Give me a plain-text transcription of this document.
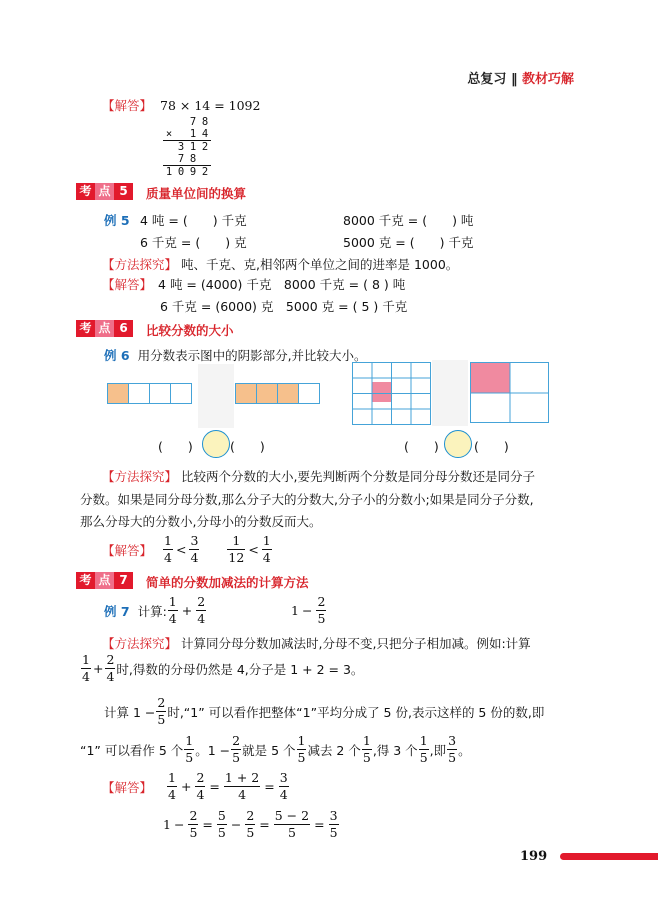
总复习 ‖ 教材巧解
【解答】 78 × 14 = 1092
		7	8
×		1	4
	3	1	2
	7	8	
1	0	9	2
考 点 5	质量单位间的换算
例 5 4 吨 = (　　) 千克	8000 千克 = (　　) 吨
6 千克 = (　　) 克	5000 克 = (　　) 千克
【方法探究】 吨、千克、克,相邻两个单位之间的进率是 1000。
【解答】 4 吨 = (4000) 千克　8000 千克 = ( 8 ) 吨
6 千克 = (6000) 克　5000 克 = ( 5 ) 千克
考 点 6	比较分数的大小
例 6 用分数表示图中的阴影部分,并比较大小。
(　　)	(　　)	(　　)	(　　)
【方法探究】 比较两个分数的大小,要先判断两个分数是同分母分数还是同分子
分数。如果是同分母分数,那么分子大的分数大,分子小的分数小;如果是同分子分数,
那么分母大的分数小,分母小的分数反而大。
【解答】 $\frac{1}{4} < \frac{3}{4} \frac{1}{12} < \frac{1}{4}$
考 点 7	简单的分数加减法的计算方法
例 7 计算: $\frac{1}{4} + \frac{2}{4}$	$1 - \frac{2}{5}$
【方法探究】 计算同分母分数加减法时,分母不变,只把分子相加减。例如:计算
$\frac{1}{4} + \frac{2}{4}$ 时,得数的分母仍然是 4,分子是 1 + 2 = 3。
计算 $1 - \frac{2}{5}$ 时,“1” 可以看作把整体“1”平均分成了 5 份,表示这样的 5 份的数,即
“1” 可以看作 5 个 $\frac{1}{5}$ 。$1 - \frac{2}{5}$ 就是 5 个 $\frac{1}{5}$ 减去 2 个 $\frac{1}{5}$ ,得 3 个 $\frac{1}{5}$ ,即 $\frac{3}{5}$ 。
【解答】 $\frac{1}{4} + \frac{2}{4} = \frac{1 + 2}{4} = \frac{3}{4}$
$1 - \frac{2}{5} = \frac{5}{5} - \frac{2}{5} = \frac{5 - 2}{5} = \frac{3}{5}$
199
